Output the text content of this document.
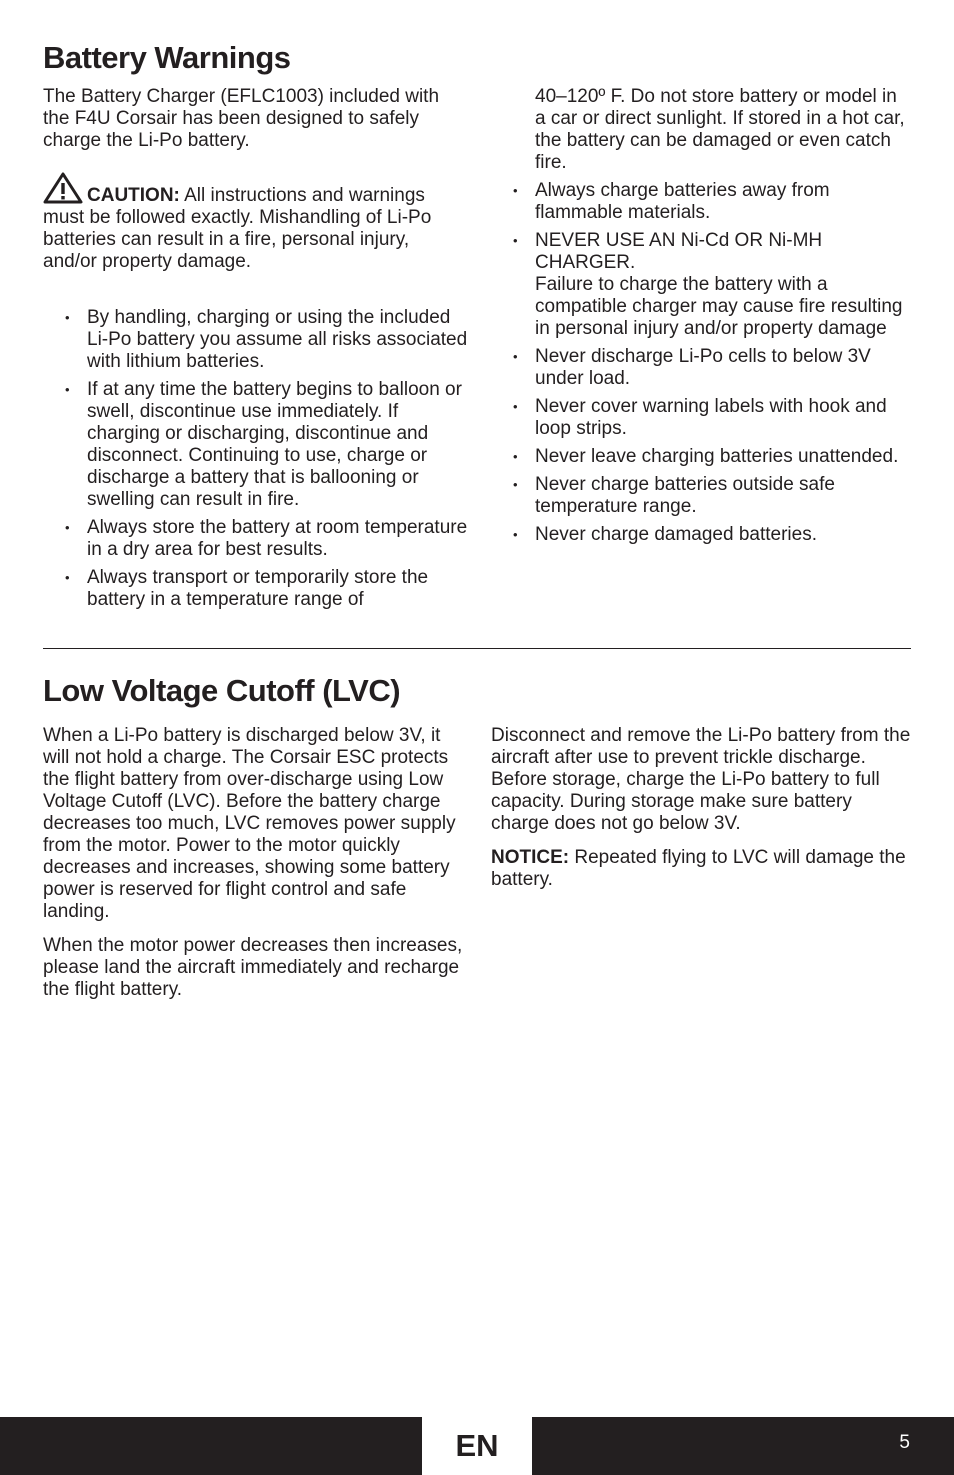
Battery Warnings

The Battery Charger (EFLC1003) included with the F4U Corsair has been designed to safely charge the Li-Po battery.

CAUTION: All instructions and warnings must be followed exactly. Mishandling of Li-Po batteries can result in a fire, personal injury, and/or property damage.

• By handling, charging or using the included Li-Po battery you assume all risks associated with lithium batteries.
• If at any time the battery begins to balloon or swell, discontinue use immediately. If charging or discharging, discontinue and disconnect. Continuing to use, charge or discharge a battery that is ballooning or swelling can result in fire.
• Always store the battery at room temperature in a dry area for best results.
• Always transport or temporarily store the battery in a temperature range of

40–120º F. Do not store battery or model in a car or direct sunlight. If stored in a hot car, the battery can be damaged or even catch fire.

• Always charge batteries away from flammable materials.
• NEVER USE AN Ni-Cd OR Ni-MH CHARGER.
Failure to charge the battery with a compatible charger may cause fire resulting in personal injury and/or property damage
• Never discharge Li-Po cells to below 3V under load.
• Never cover warning labels with hook and loop strips.
• Never leave charging batteries unattended.
• Never charge batteries outside safe temperature range.
• Never charge damaged batteries.
Low Voltage Cutoff (LVC)

When a Li-Po battery is discharged below 3V, it will not hold a charge. The Corsair ESC protects the flight battery from over-discharge using Low Voltage Cutoff (LVC). Before the battery charge decreases too much, LVC removes power supply from the motor. Power to the motor quickly decreases and increases, showing some battery power is reserved for flight control and safe landing.

When the motor power decreases then increases, please land the aircraft immediately and recharge the flight battery.

Disconnect and remove the Li-Po battery from the aircraft after use to prevent trickle discharge. Before storage, charge the Li-Po battery to full capacity. During storage make sure battery charge does not go below 3V.

NOTICE: Repeated flying to LVC will damage the battery.

EN	5
